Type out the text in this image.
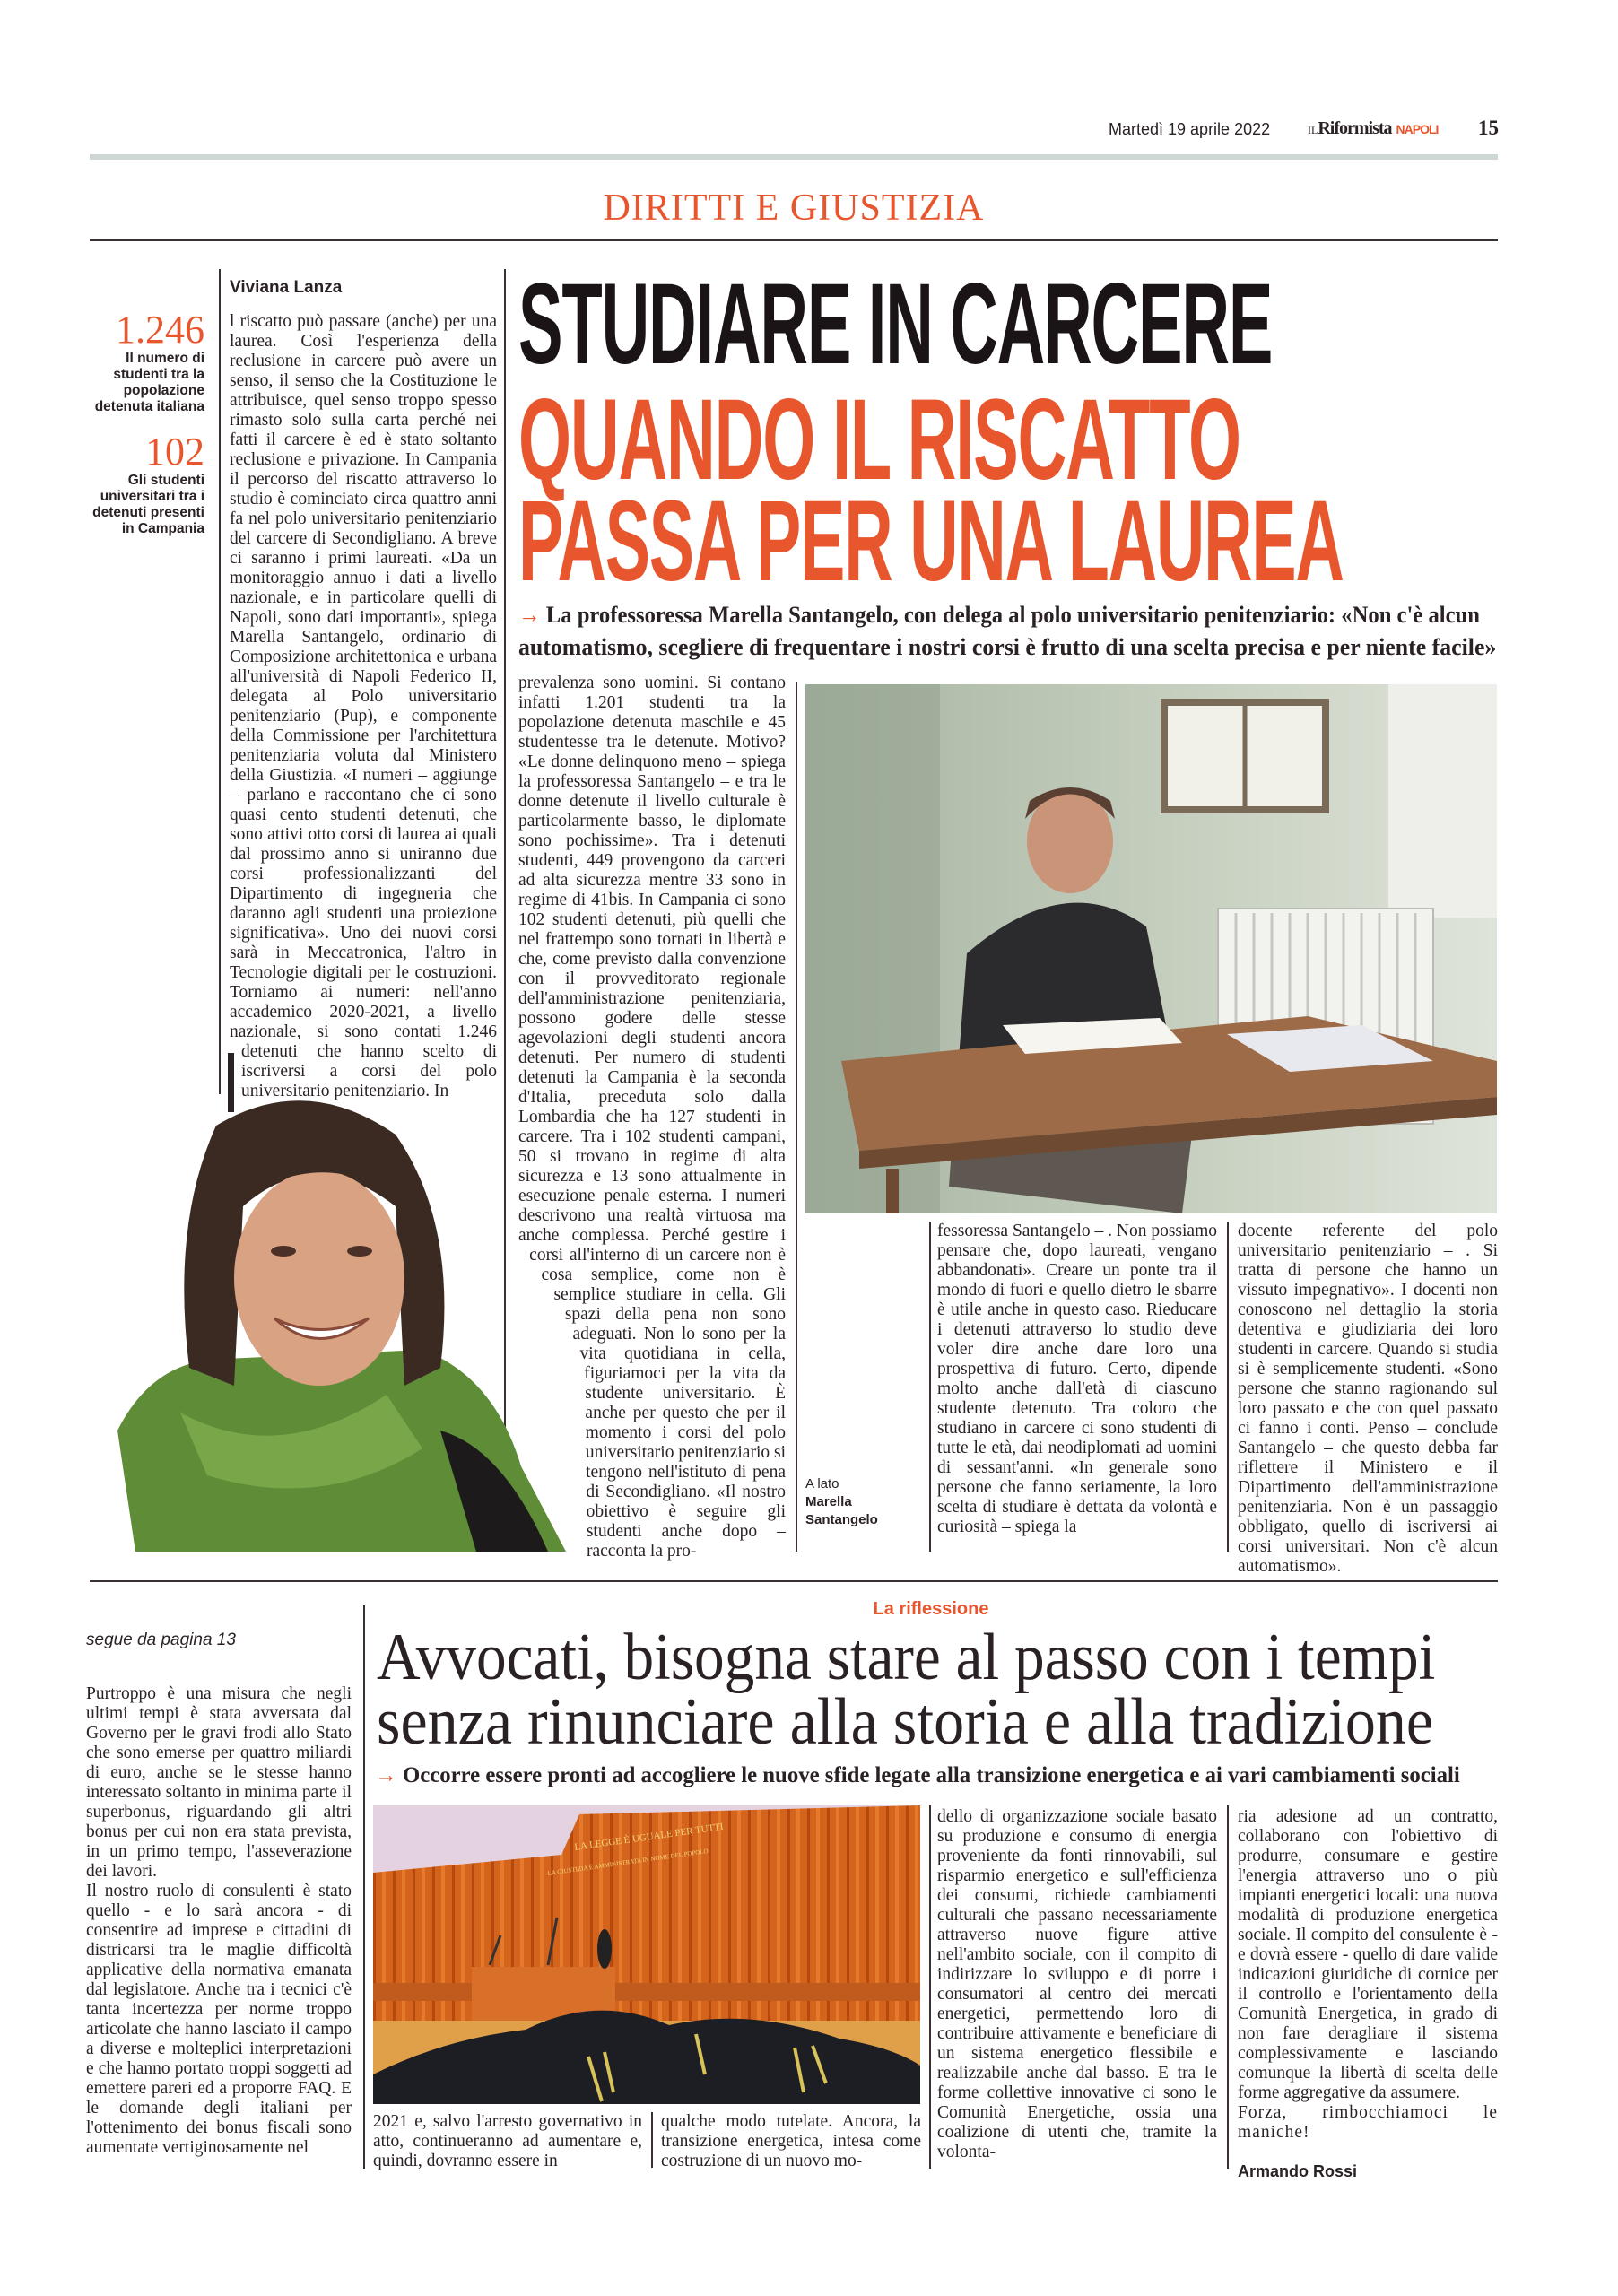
Martedì 19 aprile 2022	ILRiformista NAPOLI 15
DIRITTI E GIUSTIZIA
1.246
Il numero di studenti tra la popolazione detenuta italiana
102
Gli studenti universitari tra i detenuti presenti in Campania
Viviana Lanza

l riscatto può passare (anche) per una laurea. Così l'esperienza della reclusione in carcere può avere un senso, il senso che la Costituzione le attribuisce, quel senso troppo spesso rimasto solo sulla carta perché nei fatti il carcere è ed è stato soltanto reclusione e privazione. In Campania il percorso del riscatto attraverso lo studio è cominciato circa quattro anni fa nel polo universitario penitenziario del carcere di Secondigliano. A breve ci saranno i primi laureati. «Da un monitoraggio annuo i dati a livello nazionale, e in particolare quelli di Napoli, sono dati importanti», spiega Marella Santangelo, ordinario di Composizione architettonica e urbana all'università di Napoli Federico II, delegata al Polo universitario penitenziario (Pup), e componente della Commissione per l'architettura penitenziaria voluta dal Ministero della Giustizia. «I numeri – aggiunge – parlano e raccontano che ci sono quasi cento studenti detenuti, che sono attivi otto corsi di laurea ai quali dal prossimo anno si uniranno due corsi professionalizzanti del Dipartimento di ingegneria che daranno agli studenti una proiezione significativa». Uno dei nuovi corsi sarà in Meccatronica, l'altro in Tecnologie digitali per le costruzioni. Torniamo ai numeri: nell'anno accademico 2020-2021, a livello nazionale, si sono contati 1.246 detenuti che hanno scelto di iscriversi a corsi del polo universitario penitenziario. In

STUDIARE IN CARCERE
QUANDO IL RISCATTO
PASSA PER UNA LAUREA
→ La professoressa Marella Santangelo, con delega al polo universitario penitenziario: «Non c'è alcun
automatismo, scegliere di frequentare i nostri corsi è frutto di una scelta precisa e per niente facile»

prevalenza sono uomini. Si contano infatti 1.201 studenti tra la popolazione detenuta maschile e 45 studentesse tra le detenute. Motivo? «Le donne delinquono meno – spiega la professoressa Santangelo – e tra le donne detenute il livello culturale è particolarmente basso, le diplomate sono pochissime». Tra i detenuti studenti, 449 provengono da carceri ad alta sicurezza mentre 33 sono in regime di 41bis. In Campania ci sono 102 studenti detenuti, più quelli che nel frattempo sono tornati in libertà e che, come previsto dalla convenzione con il provveditorato regionale dell'amministrazione penitenziaria, possono godere delle stesse agevolazioni degli studenti ancora detenuti. Per numero di studenti detenuti la Campania è la seconda d'Italia, preceduta solo dalla Lombardia che ha 127 studenti in carcere. Tra i 102 studenti campani, 50 si trovano in regime di alta sicurezza e 13 sono attualmente in esecuzione penale esterna. I numeri descrivono una realtà virtuosa ma anche complessa. Perché gestire i corsi all'interno di un carcere non è cosa semplice, come non è semplice studiare in cella. Gli spazi della pena non sono adeguati. Non lo sono per la vita quotidiana in cella, figuriamoci per la vita da studente universitario. È anche per questo che per il momento i corsi del polo universitario penitenziario si tengono nell'istituto di pena di Secondigliano. «Il nostro obiettivo è seguire gli studenti anche dopo – racconta la pro-

A lato
Marella
Santangelo

fessoressa Santangelo – . Non possiamo pensare che, dopo laureati, vengano abbandonati». Creare un ponte tra il mondo di fuori e quello dietro le sbarre è utile anche in questo caso. Rieducare i detenuti attraverso lo studio deve voler dire anche dare loro una prospettiva di futuro. Certo, dipende molto anche dall'età di ciascuno studente detenuto. Tra coloro che studiano in carcere ci sono studenti di tutte le età, dai neodiplomati ad uomini di sessant'anni. «In generale sono persone che fanno seriamente, la loro scelta di studiare è dettata da volontà e curiosità – spiega la

docente referente del polo universitario penitenziario – . Si tratta di persone che hanno un vissuto impegnativo». I docenti non conoscono nel dettaglio la storia detentiva e giudiziaria dei loro studenti in carcere. Quando si studia si è semplicemente studenti. «Sono persone che stanno ragionando sul loro passato e che con quel passato ci fanno i conti. Penso – conclude Santangelo – che questo debba far riflettere il Ministero e il Dipartimento dell'amministrazione penitenziaria. Non è un passaggio obbligato, quello di iscriversi ai corsi universitari. Non c'è alcun automatismo».

segue da pagina 13

Purtroppo è una misura che negli ultimi tempi è stata avversata dal Governo per le gravi frodi allo Stato che sono emerse per quattro miliardi di euro, anche se le stesse hanno interessato soltanto in minima parte il superbonus, riguardando gli altri bonus per cui non era stata prevista, in un primo tempo, l'asseverazione dei lavori.

Il nostro ruolo di consulenti è stato quello - e lo sarà ancora - di consentire ad imprese e cittadini di districarsi tra le maglie difficoltà applicative della normativa emanata dal legislatore. Anche tra i tecnici c'è tanta incertezza per norme troppo articolate che hanno lasciato il campo a diverse e molteplici interpretazioni e che hanno portato troppi soggetti ad emettere pareri ed a proporre FAQ. E le domande degli italiani per l'ottenimento dei bonus fiscali sono aumentate vertiginosamente nel

La riflessione
Avvocati, bisogna stare al passo con i tempi
senza rinunciare alla storia e alla tradizione
→ Occorre essere pronti ad accogliere le nuove sfide legate alla transizione energetica e ai vari cambiamenti sociali
LA LEGGE È UGUALE PER TUTTI
LA GIUSTIZIA È AMMINISTRATA IN NOME DEL POPOLO

2021 e, salvo l'arresto governativo in atto, continueranno ad aumentare e, quindi, dovranno essere in

qualche modo tutelate. Ancora, la transizione energetica, intesa come costruzione di un nuovo mo-

dello di organizzazione sociale basato su produzione e consumo di energia proveniente da fonti rinnovabili, sul risparmio energetico e sull'efficienza dei consumi, richiede cambiamenti culturali che passano necessariamente attraverso nuove figure attive nell'ambito sociale, con il compito di indirizzare lo sviluppo e di porre i consumatori al centro dei mercati energetici, permettendo loro di contribuire attivamente e beneficiare di un sistema energetico flessibile e realizzabile anche dal basso. E tra le forme collettive innovative ci sono le Comunità Energetiche, ossia una coalizione di utenti che, tramite la volonta-

ria adesione ad un contratto, collaborano con l'obiettivo di produrre, consumare e gestire l'energia attraverso uno o più impianti energetici locali: una nuova modalità di produzione energetica sociale. Il compito del consulente è - e dovrà essere - quello di dare valide indicazioni giuridiche di cornice per il controllo e l'orientamento della Comunità Energetica, in grado di non fare deragliare il sistema complessivamente e lasciando comunque la libertà di scelta delle forme aggregative da assumere.

Forza, rimbocchiamoci le maniche!

Armando Rossi
